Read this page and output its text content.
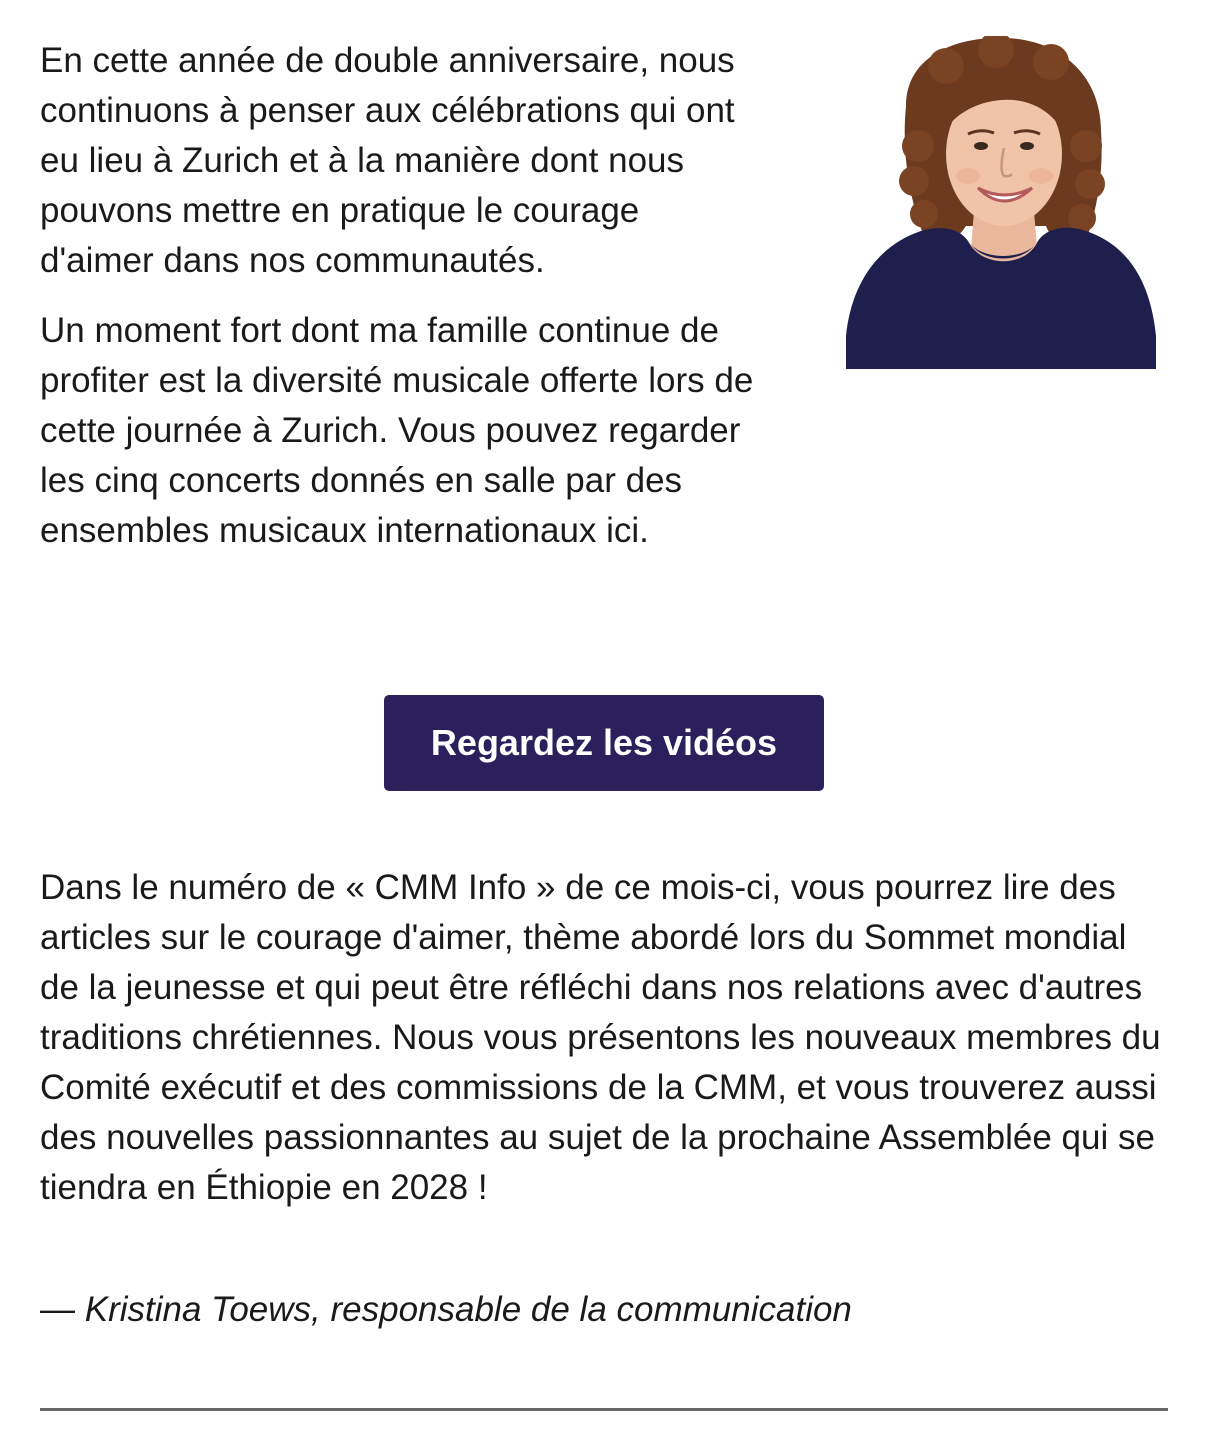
En cette année de double anniversaire, nous continuons à penser aux célébrations qui ont eu lieu à Zurich et à la manière dont nous pouvons mettre en pratique le courage d'aimer dans nos communautés.

Un moment fort dont ma famille continue de profiter est la diversité musicale offerte lors de cette journée à Zurich. Vous pouvez regarder les cinq concerts donnés en salle par des ensembles musicaux internationaux ici.

Regardez les vidéos

Dans le numéro de « CMM Info » de ce mois-ci, vous pourrez lire des articles sur le courage d'aimer, thème abordé lors du Sommet mondial de la jeunesse et qui peut être réfléchi dans nos relations avec d'autres traditions chrétiennes. Nous vous présentons les nouveaux membres du Comité exécutif et des commissions de la CMM, et vous trouverez aussi des nouvelles passionnantes au sujet de la prochaine Assemblée qui se tiendra en Éthiopie en 2028 !

— Kristina Toews, responsable de la communication
